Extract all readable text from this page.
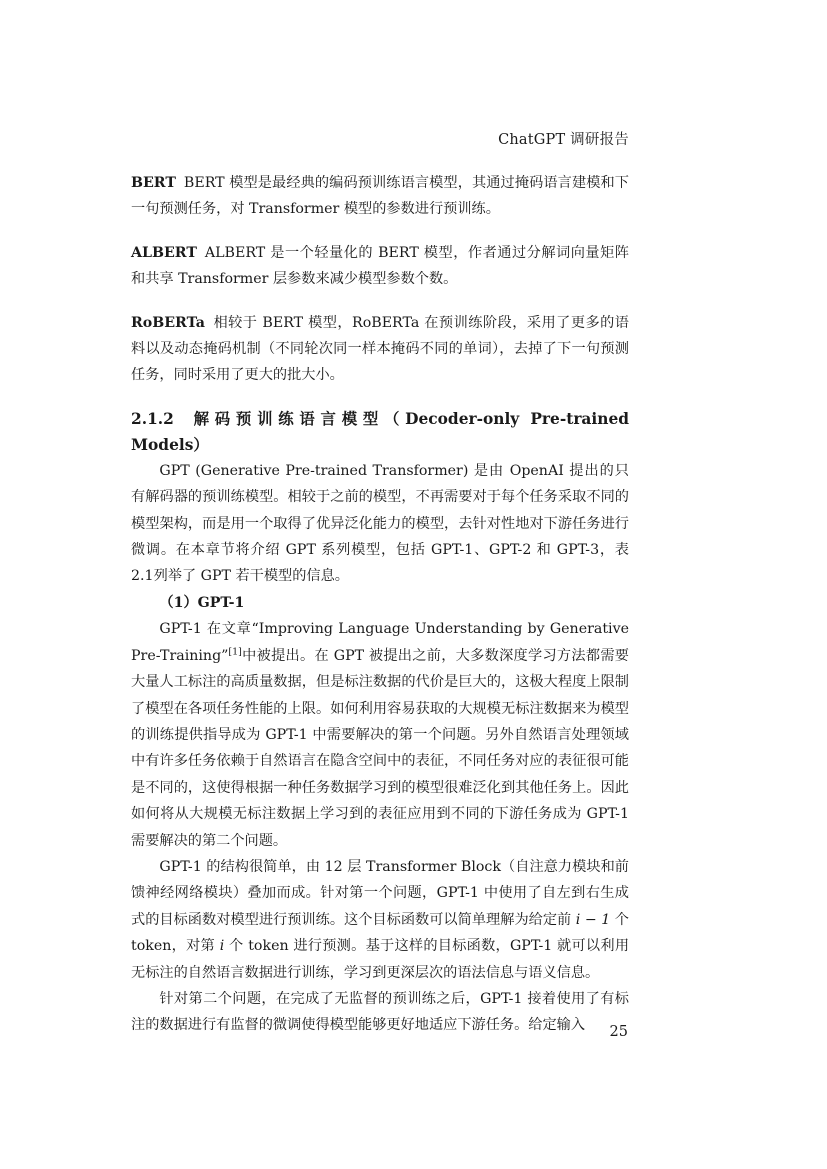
ChatGPT 调研报告

BERT BERT 模型是最经典的编码预训练语言模型，其通过掩码语言建模和下一句预测任务，对 Transformer 模型的参数进行预训练。

ALBERT ALBERT 是一个轻量化的 BERT 模型，作者通过分解词向量矩阵和共享 Transformer 层参数来减少模型参数个数。

RoBERTa 相较于 BERT 模型，RoBERTa 在预训练阶段，采用了更多的语料以及动态掩码机制（不同轮次同一样本掩码不同的单词），去掉了下一句预测任务，同时采用了更大的批大小。

2.1.2 解码预训练语言模型（Decoder-only Pre-trained Models）

GPT (Generative Pre-trained Transformer) 是由 OpenAI 提出的只有解码器的预训练模型。相较于之前的模型，不再需要对于每个任务采取不同的模型架构，而是用一个取得了优异泛化能力的模型，去针对性地对下游任务进行微调。在本章节将介绍 GPT 系列模型，包括 GPT-1、GPT-2 和 GPT-3，表 2.1列举了 GPT 若干模型的信息。

（1）GPT-1

GPT-1 在文章“Improving Language Understanding by Generative Pre-Training”[1]中被提出。在 GPT 被提出之前，大多数深度学习方法都需要大量人工标注的高质量数据，但是标注数据的代价是巨大的，这极大程度上限制了模型在各项任务性能的上限。如何利用容易获取的大规模无标注数据来为模型的训练提供指导成为 GPT-1 中需要解决的第一个问题。另外自然语言处理领域中有许多任务依赖于自然语言在隐含空间中的表征，不同任务对应的表征很可能是不同的，这使得根据一种任务数据学习到的模型很难泛化到其他任务上。因此如何将从大规模无标注数据上学习到的表征应用到不同的下游任务成为 GPT-1 需要解决的第二个问题。

GPT-1 的结构很简单，由 12 层 Transformer Block（自注意力模块和前馈神经网络模块）叠加而成。针对第一个问题，GPT-1 中使用了自左到右生成式的目标函数对模型进行预训练。这个目标函数可以简单理解为给定前 i − 1 个 token，对第 i 个 token 进行预测。基于这样的目标函数，GPT-1 就可以利用无标注的自然语言数据进行训练，学习到更深层次的语法信息与语义信息。

针对第二个问题，在完成了无监督的预训练之后，GPT-1 接着使用了有标注的数据进行有监督的微调使得模型能够更好地适应下游任务。给定输入	25
